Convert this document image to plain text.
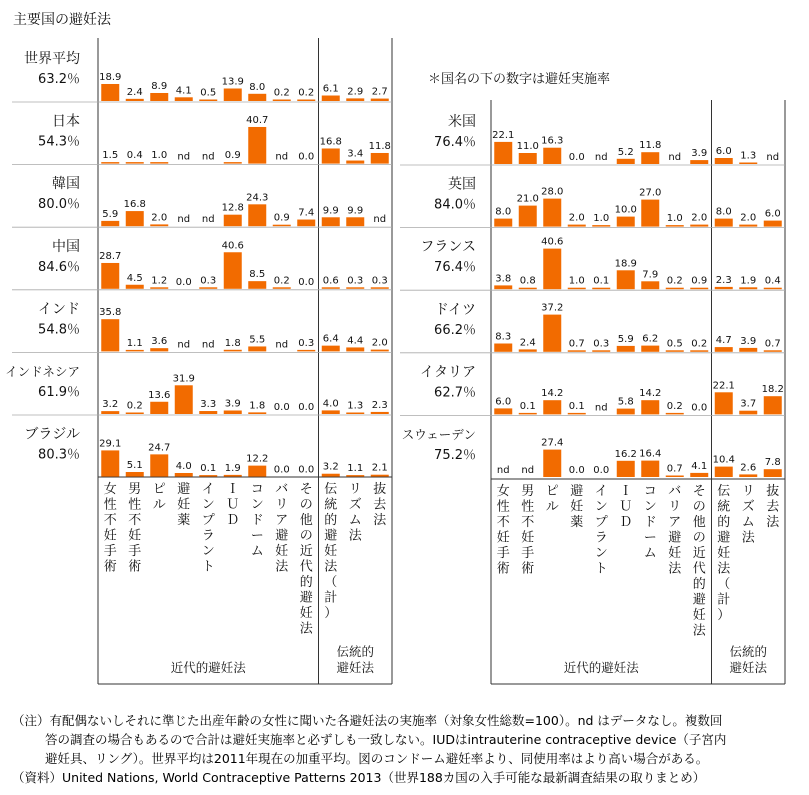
主要国の避妊法
＊国名の下の数字は避妊実施率
世界平均
63.2％ 18.9
2.4
8.9 4.1 0.5
13.9 8.0
0.2 0.2 6.1 2.9 2.7
日本
54.3％
1.5 0.4 1.0 nd nd 0.9
40.7
nd 0.0
16.8
3.4
11.8
韓国
80.0％
5.9
16.8
2.0 nd nd
12.8
24.3
0.9 7.4 9.9 9.9
nd
中国
84.6％
28.7
4.5 1.2 0.0 0.3
40.6
8.5
0.2 0.0 0.6 0.3 0.3
インド
54.8％
35.8
1.1 3.6 nd nd 1.8 5.5 nd 0.3 6.4 4.4 2.0
インドネシア
61.9％
3.2 0.2
13.6
31.9
3.3 3.9 1.8 0.0 0.0 4.0 1.3 2.3
ブラジル
80.3％
29.1
5.1
24.7
4.0 0.1 1.9
12.2
0.0 0.0 3.2 1.1 2.1
女
性
不
妊
手
術
男
性
不
妊
手
術
ピ
ル
避
妊
薬
イ
ン
プ
ラ
ン
ト
Ｉ
Ｕ
Ｄ
コ
ン
ド
ー
ム
バ
リ
ア
避
妊
法
そ
の
他
の
近
代
的
避
妊
法
伝
統
的
避
妊
法
（
計
）
リ
ズ
ム
法
抜
去
法
近代的避妊法
伝統的
避妊法
米国
76.4％ 22.1
11.0 16.3
0.0 nd 5.2
11.8
nd 3.9 6.0 1.3 nd
英国
84.0％ 8.0
21.0
28.0
2.0 1.0
10.0
27.0
1.0 2.0
8.0
2.0 6.0
フランス
76.4％
3.8 0.8
40.6
1.0 0.1
18.9
7.9
0.2 0.9 2.3 1.9 0.4
ドイツ
66.2％ 8.3
2.4
37.2
0.7 0.3 5.9 6.2 0.5 0.2 4.7 3.9 0.7
イタリア
62.7％
6.0 0.1
14.2
0.1 nd
5.8
14.2
0.2 0.0
22.1
3.7
18.2
スウェーデン
75.2％
nd nd
27.4
0.0 0.0
16.2 16.4
0.7 4.1
10.4
2.6 7.8
女
性
不
妊
手
術
男
性
不
妊
手
術
ピ
ル
避
妊
薬
イ
ン
プ
ラ
ン
ト
Ｉ
Ｕ
Ｄ
コ
ン
ド
ー
ム
バ
リ
ア
避
妊
法
そ
の
他
の
近
代
的
避
妊
法
伝
統
的
避
妊
法
（
計
）
リ
ズ
ム
法
抜
去
法
近代的避妊法
伝統的
避妊法
（注）有配偶ないしそれに準じた出産年齢の女性に聞いた各避妊法の実施率（対象女性総数=100）。nd はデータなし。複数回
答の調査の場合もあるので合計は避妊実施率と必ずしも一致しない。IUDはintrauterine contraceptive device（子宮内
避妊具、リング）。世界平均は2011年現在の加重平均。図のコンドーム避妊率より、同使用率はより高い場合がある。
（資料）United Nations, World Contraceptive Patterns 2013（世界188カ国の入手可能な最新調査結果の取りまとめ）
